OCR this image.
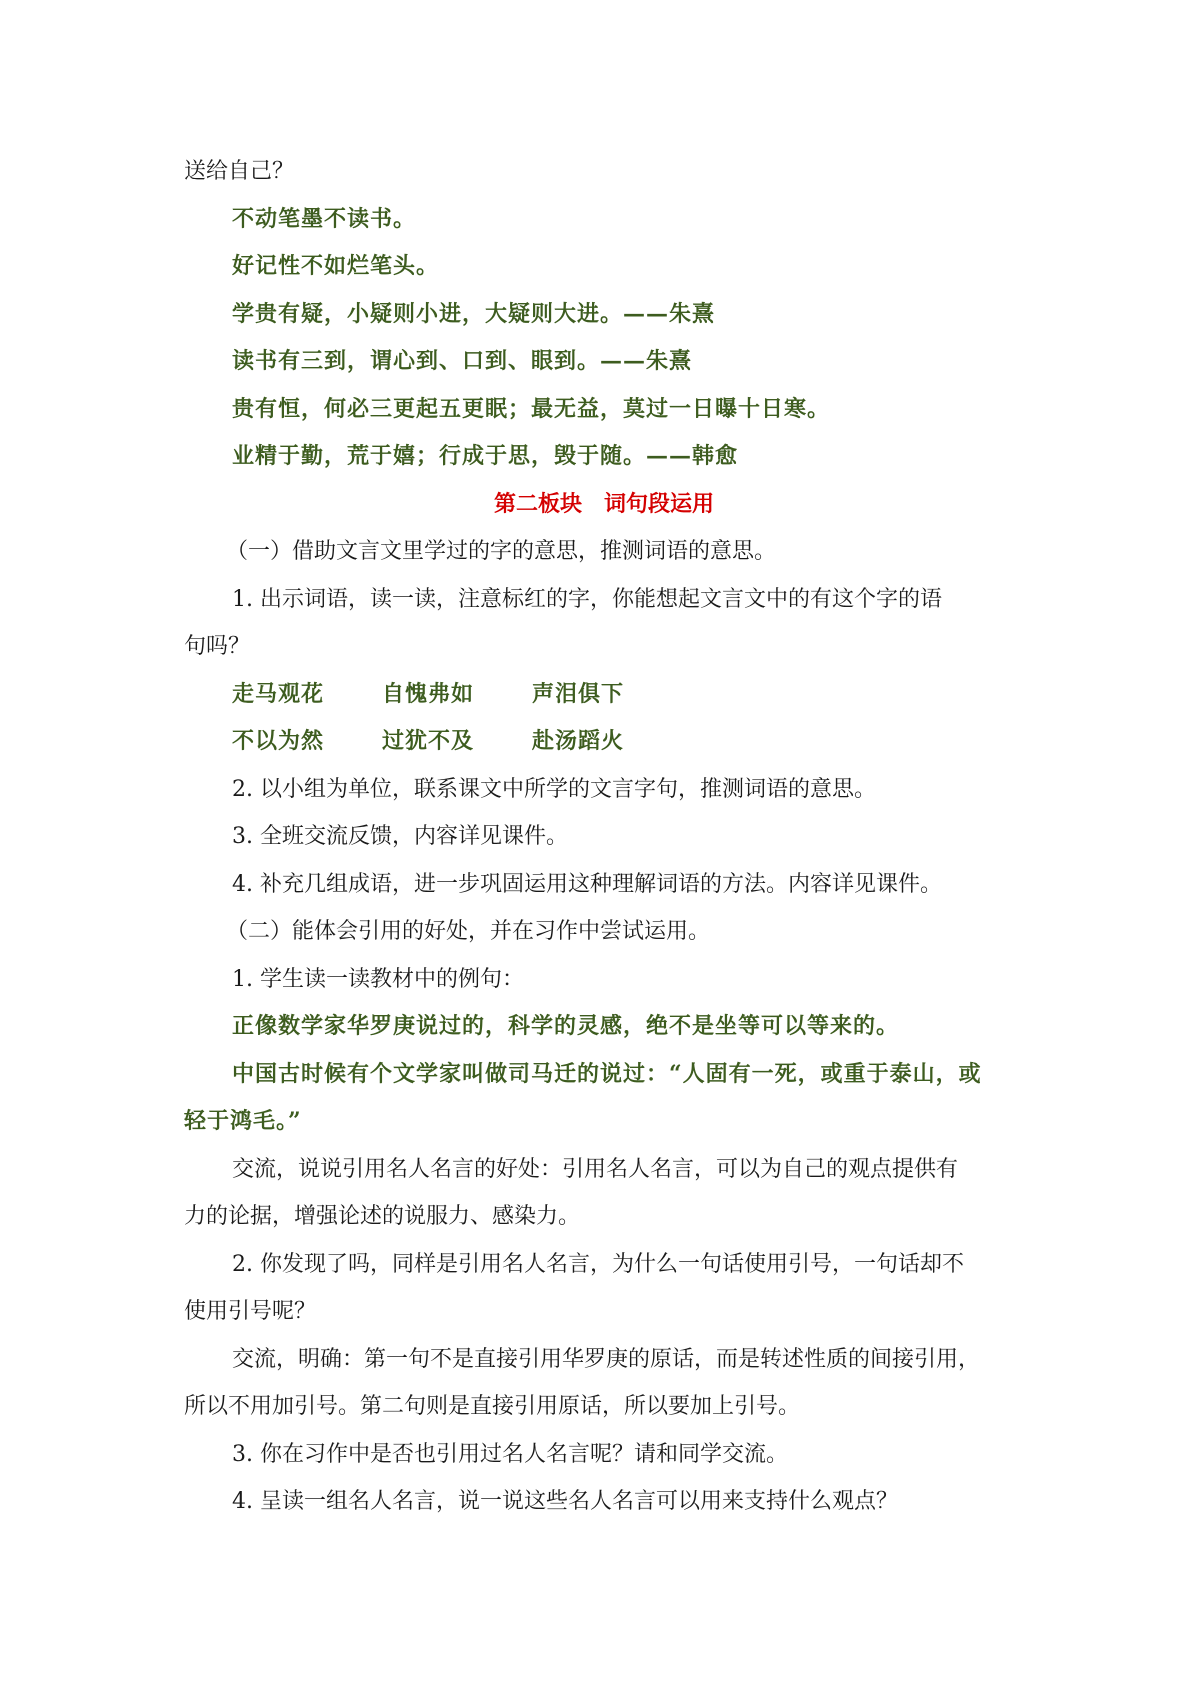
送给自己？
不动笔墨不读书。
好记性不如烂笔头。
学贵有疑，小疑则小进，大疑则大进。——朱熹
读书有三到，谓心到、口到、眼到。——朱熹
贵有恒，何必三更起五更眠；最无益，莫过一日曝十日寒。
业精于勤，荒于嬉；行成于思，毁于随。——韩愈
第二板块　词句段运用
（一）借助文言文里学过的字的意思，推测词语的意思。
1. 出示词语，读一读，注意标红的字，你能想起文言文中的有这个字的语
句吗？
走马观花	自愧弗如	声泪俱下
不以为然	过犹不及	赴汤蹈火
2. 以小组为单位，联系课文中所学的文言字句，推测词语的意思。
3. 全班交流反馈，内容详见课件。
4. 补充几组成语，进一步巩固运用这种理解词语的方法。内容详见课件。
（二）能体会引用的好处，并在习作中尝试运用。
1. 学生读一读教材中的例句：
正像数学家华罗庚说过的，科学的灵感，绝不是坐等可以等来的。
中国古时候有个文学家叫做司马迁的说过：“人固有一死，或重于泰山，或
轻于鸿毛。”
交流，说说引用名人名言的好处：引用名人名言，可以为自己的观点提供有
力的论据，增强论述的说服力、感染力。
2. 你发现了吗，同样是引用名人名言，为什么一句话使用引号，一句话却不
使用引号呢？
交流，明确：第一句不是直接引用华罗庚的原话，而是转述性质的间接引用，
所以不用加引号。第二句则是直接引用原话，所以要加上引号。
3. 你在习作中是否也引用过名人名言呢？请和同学交流。
4. 呈读一组名人名言，说一说这些名人名言可以用来支持什么观点？
